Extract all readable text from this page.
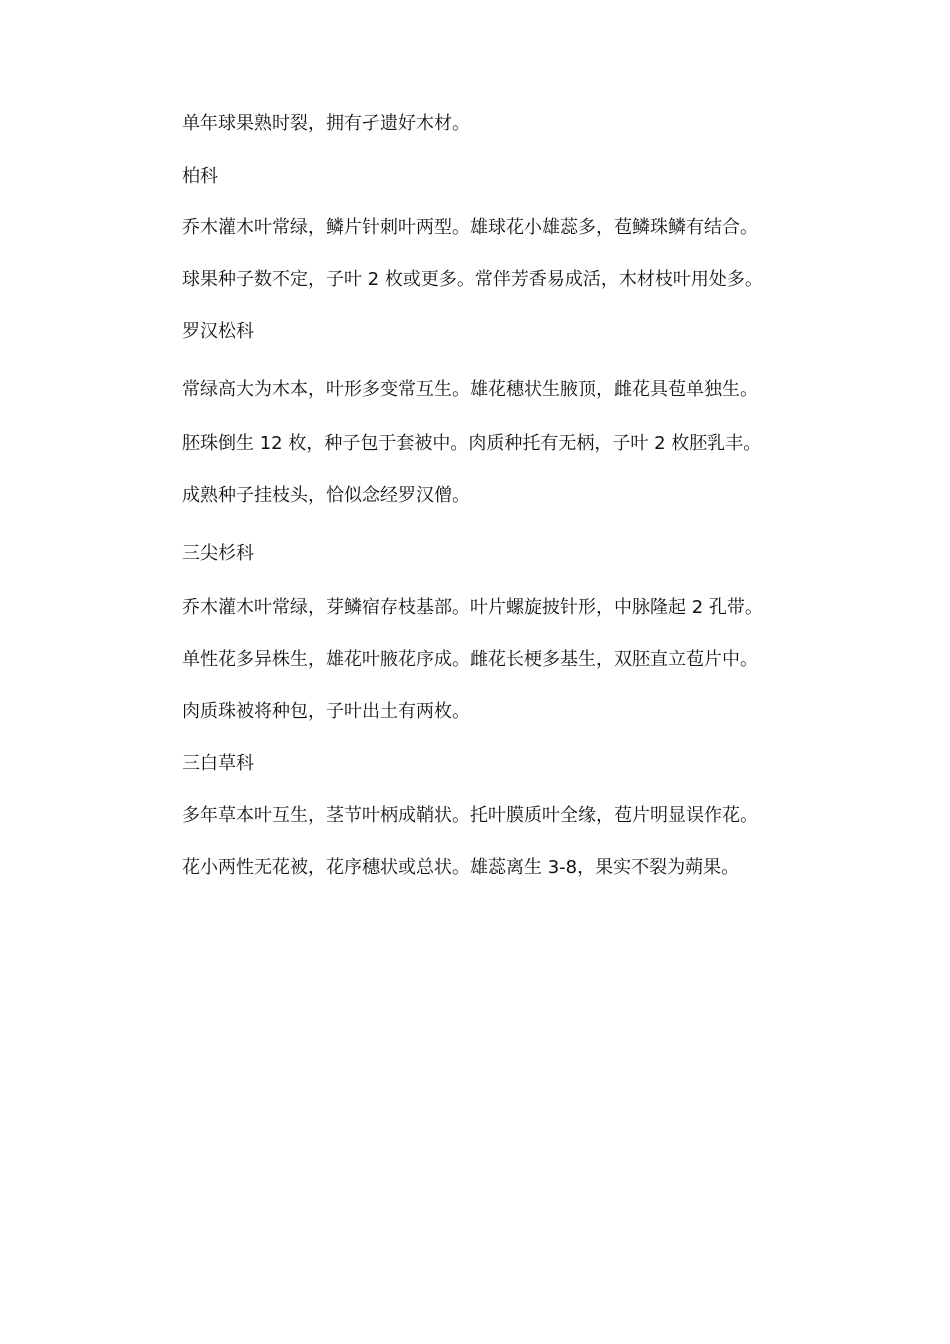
单年球果熟时裂，拥有孑遗好木材。
柏科
乔木灌木叶常绿，鳞片针刺叶两型。雄球花小雄蕊多，苞鳞珠鳞有结合。
球果种子数不定，子叶 2 枚或更多。常伴芳香易成活，木材枝叶用处多。
罗汉松科
常绿高大为木本，叶形多变常互生。雄花穗状生腋顶，雌花具苞单独生。
胚珠倒生 12 枚，种子包于套被中。肉质种托有无柄，子叶 2 枚胚乳丰。
成熟种子挂枝头，恰似念经罗汉僧。
三尖杉科
乔木灌木叶常绿，芽鳞宿存枝基部。叶片螺旋披针形，中脉隆起 2 孔带。
单性花多异株生，雄花叶腋花序成。雌花长梗多基生，双胚直立苞片中。
肉质珠被将种包，子叶出土有两枚。
三白草科
多年草本叶互生，茎节叶柄成鞘状。托叶膜质叶全缘，苞片明显误作花。
花小两性无花被，花序穗状或总状。雄蕊离生 3-8，果实不裂为蒴果。
